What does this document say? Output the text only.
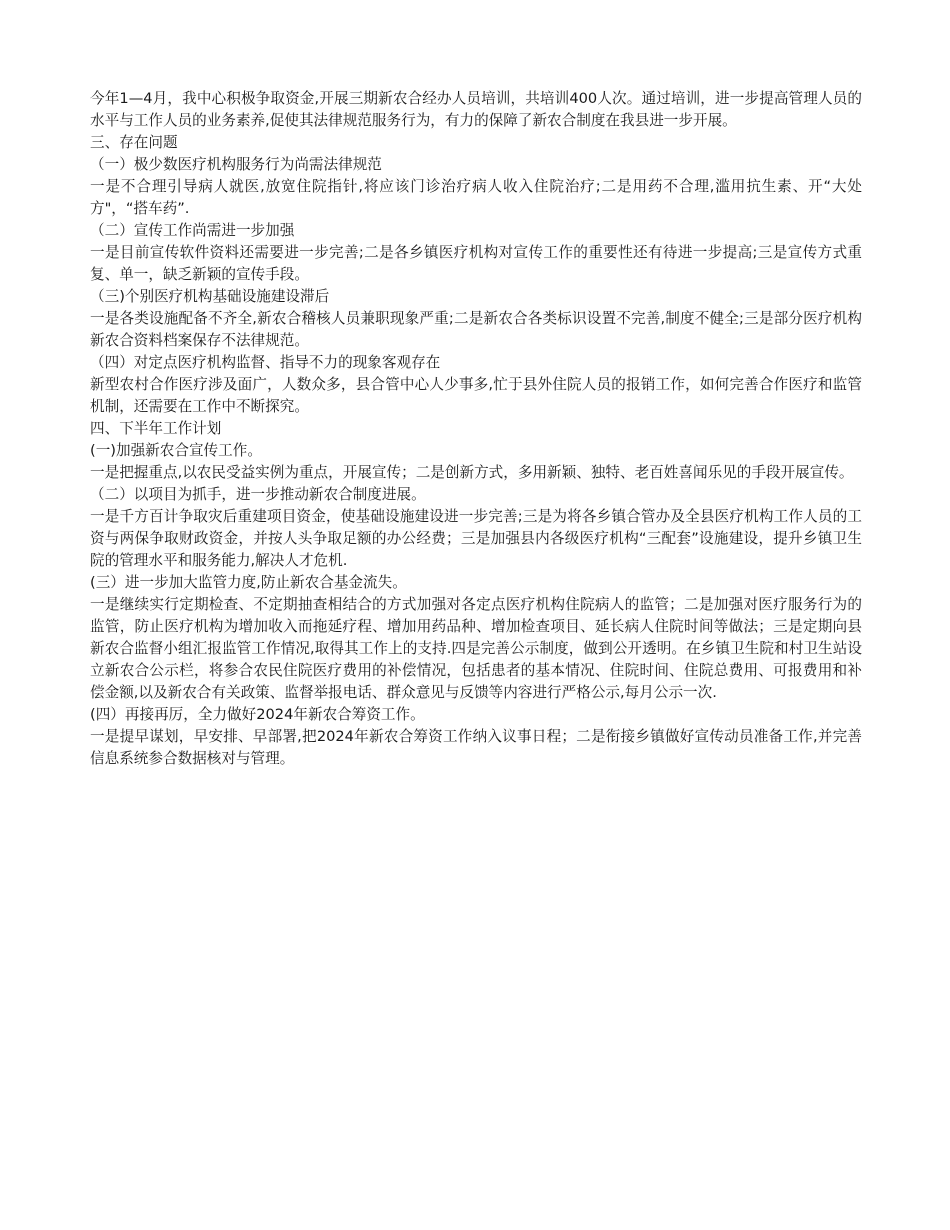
今年1—4月，我中心积极争取资金,开展三期新农合经办人员培训，共培训400人次。通过培训，进一步提高管理人员的水平与工作人员的业务素养,促使其法律规范服务行为，有力的保障了新农合制度在我县进一步开展。

三、存在问题

（一）极少数医疗机构服务行为尚需法律规范

一是不合理引导病人就医,放宽住院指针,将应该门诊治疗病人收入住院治疗;二是用药不合理,滥用抗生素、开“大处方"，“搭车药”.

（二）宣传工作尚需进一步加强

一是目前宣传软件资料还需要进一步完善;二是各乡镇医疗机构对宣传工作的重要性还有待进一步提高;三是宣传方式重复、单一，缺乏新颖的宣传手段。

（三)个别医疗机构基础设施建设滞后

一是各类设施配备不齐全,新农合稽核人员兼职现象严重;二是新农合各类标识设置不完善,制度不健全;三是部分医疗机构新农合资料档案保存不法律规范。

（四）对定点医疗机构监督、指导不力的现象客观存在

新型农村合作医疗涉及面广，人数众多，县合管中心人少事多,忙于县外住院人员的报销工作，如何完善合作医疗和监管机制，还需要在工作中不断探究。

四、下半年工作计划

(一)加强新农合宣传工作。

一是把握重点,以农民受益实例为重点，开展宣传；二是创新方式，多用新颖、独特、老百姓喜闻乐见的手段开展宣传。

（二）以项目为抓手，进一步推动新农合制度进展。

一是千方百计争取灾后重建项目资金，使基础设施建设进一步完善;三是为将各乡镇合管办及全县医疗机构工作人员的工资与两保争取财政资金，并按人头争取足额的办公经费；三是加强县内各级医疗机构“三配套”设施建设，提升乡镇卫生院的管理水平和服务能力,解决人才危机.

(三）进一步加大监管力度,防止新农合基金流失。

一是继续实行定期检查、不定期抽查相结合的方式加强对各定点医疗机构住院病人的监管；二是加强对医疗服务行为的监管，防止医疗机构为增加收入而拖延疗程、增加用药品种、增加检查项目、延长病人住院时间等做法；三是定期向县新农合监督小组汇报监管工作情况,取得其工作上的支持.四是完善公示制度，做到公开透明。在乡镇卫生院和村卫生站设立新农合公示栏，将参合农民住院医疗费用的补偿情况，包括患者的基本情况、住院时间、住院总费用、可报费用和补偿金额,以及新农合有关政策、监督举报电话、群众意见与反馈等内容进行严格公示,每月公示一次.

(四）再接再厉，全力做好2024年新农合筹资工作。

一是提早谋划，早安排、早部署,把2024年新农合筹资工作纳入议事日程；二是衔接乡镇做好宣传动员准备工作,并完善信息系统参合数据核对与管理。
